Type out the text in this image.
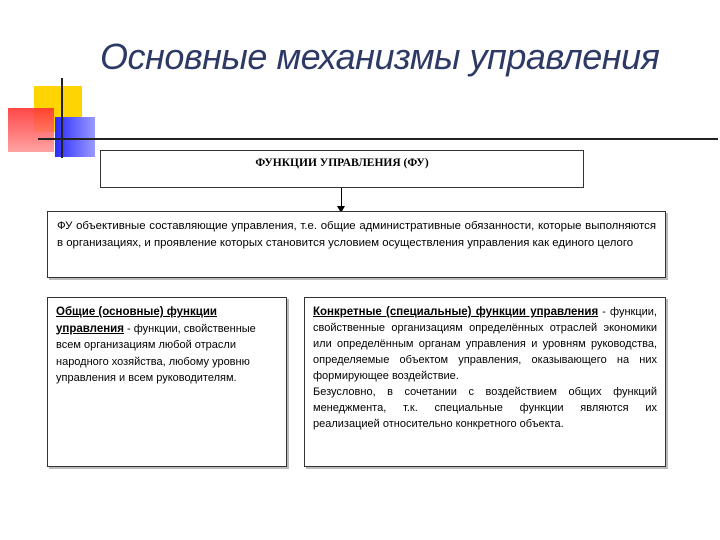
Основные механизмы управления
ФУНКЦИИ УПРАВЛЕНИЯ (ФУ)

ФУ объективные составляющие управления, т.е. общие административные обязанности, которые выполняются в организациях, и проявление которых становится условием осуществления управления как единого целого

Общие (основные) функции управления - функции, свойственные всем организациям любой отрасли народного хозяйства, любому уровню управления и всем руководителям.

Конкретные (специальные) функции управления - функции, свойственные организациям определённых отраслей экономики или определённым органам управления и уровням руководства, определяемые объектом управления, оказывающего на них формирующее воздействие.

Безусловно, в сочетании с воздействием общих функций менеджмента, т.к. специальные функции являются их реализацией относительно конкретного объекта.
